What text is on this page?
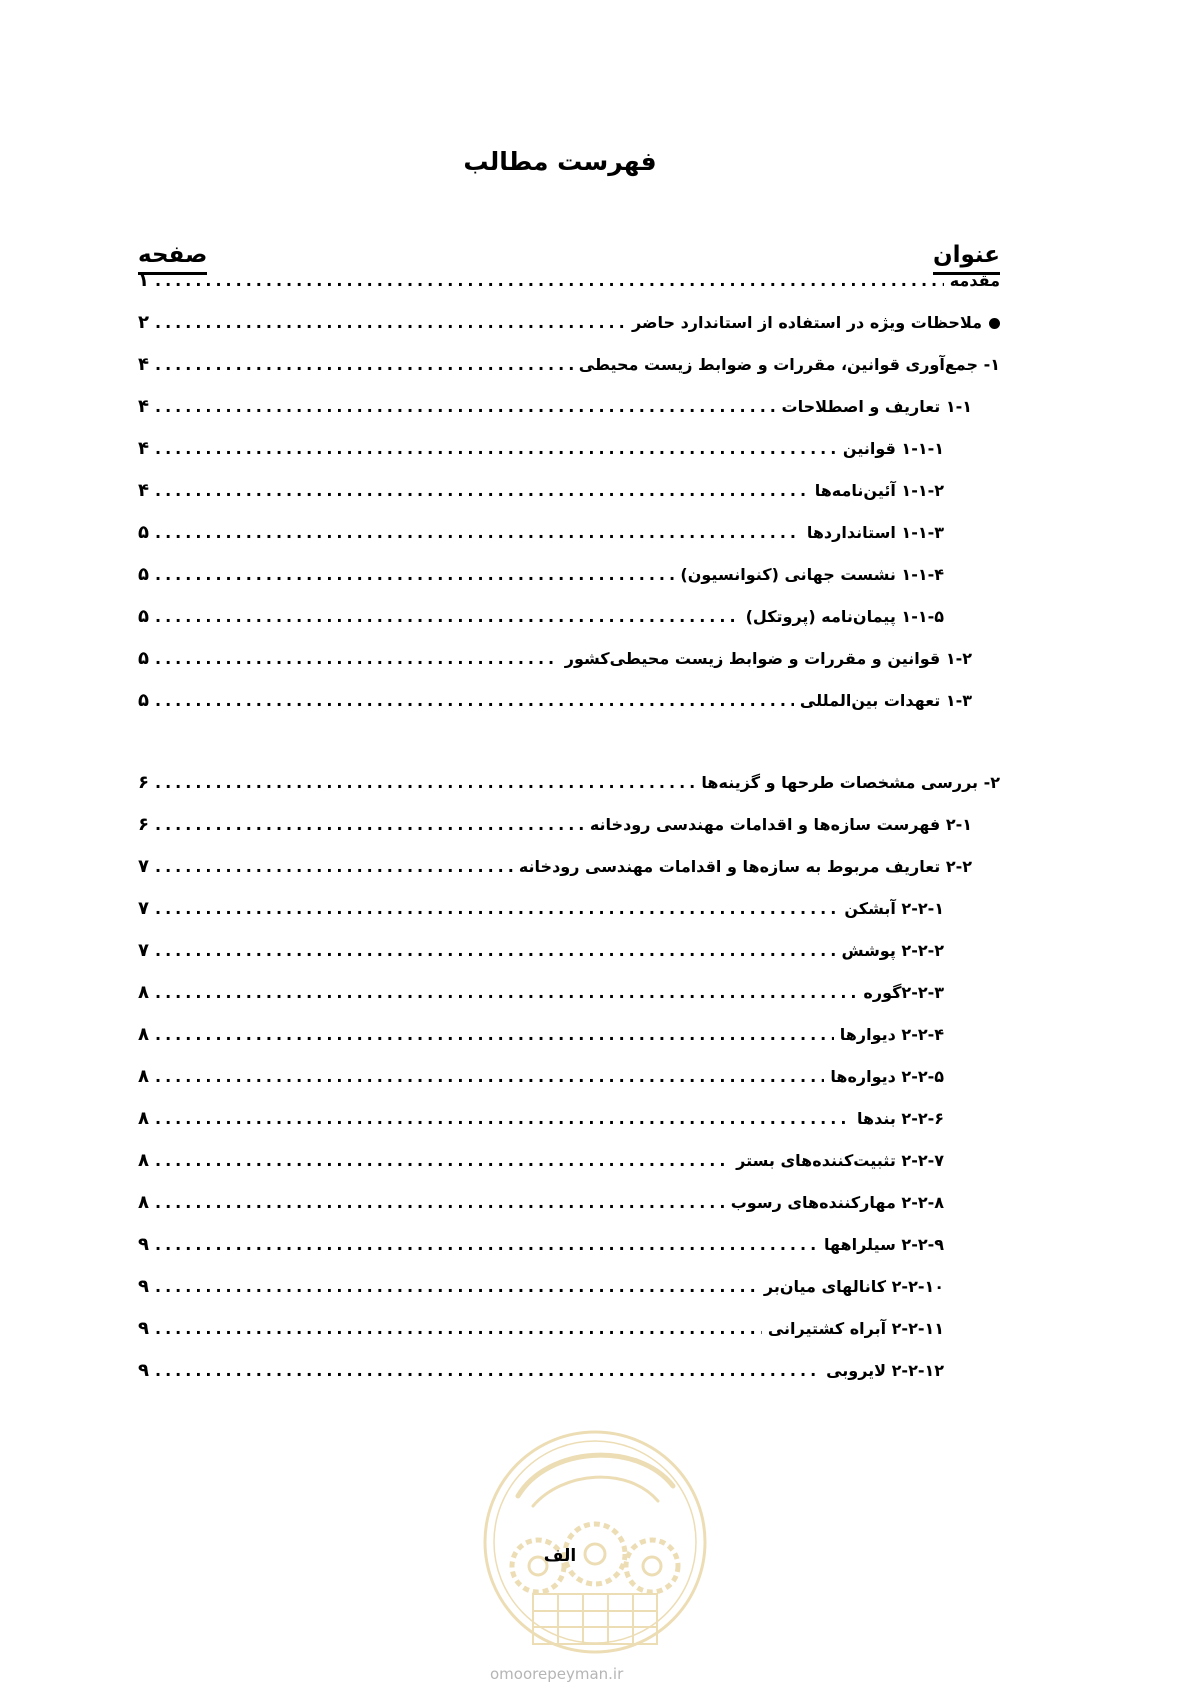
فهرست مطالب
عنوان
صفحه
مقدمه
.....
۱
ملاحظات ویژه در استفاده از استاندارد حاضر
.....
۲
۱- جمع‌آوری قوانین، مقررات و ضوابط زیست محیطی
.....
۴
۱-۱ تعاریف و اصطلاحات
.....
۴
۱-۱-۱ قوانین
.....
۴
۱-۱-۲ آئین‌نامه‌ها
.....
۴
۱-۱-۳ استانداردها
.....
۵
۱-۱-۴ نشست جهانی (کنوانسیون)
.....
۵
۱-۱-۵ پیمان‌نامه (پروتکل)
.....
۵
۱-۲ قوانین و مقررات و ضوابط زیست محیطی‌کشور
.....
۵
۱-۳ تعهدات بین‌المللی
.....
۵
۲- بررسی مشخصات طرحها و گزینه‌ها
.....
۶
۲-۱ فهرست سازه‌ها و اقدامات مهندسی رودخانه
.....
۶
۲-۲ تعاریف مربوط به سازه‌ها و اقدامات مهندسی رودخانه
.....
۷
۲-۲-۱ آبشکن
.....
۷
۲-۲-۲ پوشش
.....
۷
۲-۲-۳گوره
.....
۸
۲-۲-۴ دیوارها
.....
۸
۲-۲-۵ دیواره‌ها
.....
۸
۲-۲-۶ بندها
.....
۸
۲-۲-۷ تثبیت‌کننده‌های بستر
.....
۸
۲-۲-۸ مهارکننده‌های رسوب
.....
۸
۲-۲-۹ سیلراهها
.....
۹
۲-۲-۱۰ کانالهای میان‌بر
.....
۹
۲-۲-۱۱ آبراه کشتیرانی
.....
۹
۲-۲-۱۲ لایروبی
.....
۹
الف
omoorepeyman.ir
